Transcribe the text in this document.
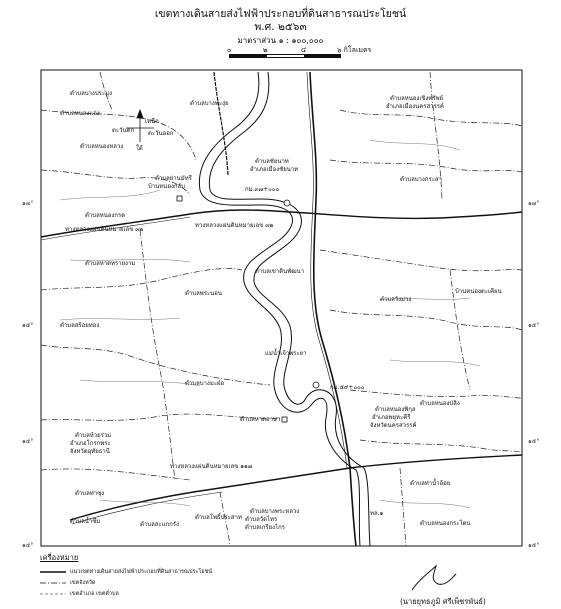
เขตทางเดินสายส่งไฟฟ้าประกอบที่ดินสาธารณประโยชน์
พ.ศ. ๒๕๖๓
มาตราส่วน ๑ : ๑๐๐,๐๐๐
๐	๒	๔	๖ กิโลเมตร
ตำบลบางประมุง
ตำบลบางพะงุ่ย
ตำบลหนองแอ่ง
ตำบลหนองเขิงทรัพย์
อำเภอเมืองนครสวรรค์
ตำบลหนองหลวง
เหนือ
ตะวันตก ตะวันออก
ใต้
ตำบลชัยนาท
อำเภอเมืองชัยนาท
ตำบลย่านมัทรี
บ้านหนองกลับ
ตำบลบางกระสา
กม.๓๗+๐๐๐
ตำบลหนองกรด
ทางหลวงแผ่นดินหมายเลข ๓๒
ทางหลวงแผ่นดินหมายเลข ๓๒
ตำบลเขาดินพัฒนา
ตำบลหาดทรายงาม
ตำบลพระนอน
ตำบลวังม่วง
บ้านหนองตะเคียน
ตำบลสร้อยทอง
แม่น้ำเจ้าพระยา
ตำบลบางมะฝ่อ
กม.๕๙+๐๐๐
ตำบลหนองปลิง
ตำบลหาดอาษา
ตำบลหนองพิกุล
อำเภอพยุหะคีรี
จังหวัดนครสวรรค์
ตำบลห้วยร่วม
อำเภอโกรกพระ
จังหวัดอุทัยธานี
ตำบลท่าน้ำอ้อย
ตำบลท่าซุง
ทางหลวงแผ่นดินหมายเลข ๑๑๗
ตำบลน้ำซึม	ตำบลสะแกกรัง
ตำบลโพธิ์ประสาท
ตำบลบางพระหลวง
ตำบลวัดไทร
ตำบลเกรียงไกร
ตำบลหนองกระโดน
ทล.๑
๑๗°	๑๗°
๑๕°	๑๕°
๑๕°	๑๕°
๑๕°	๑๕°
เครื่องหมาย
แนวเขตทางเดินสายส่งไฟฟ้าประกอบที่ดินสาธารณประโยชน์
เขตจังหวัด
เขตอำเภอ เขตตำบล
(นายยุทธภูมิ ศรีเพ็ชรพันธ์)
